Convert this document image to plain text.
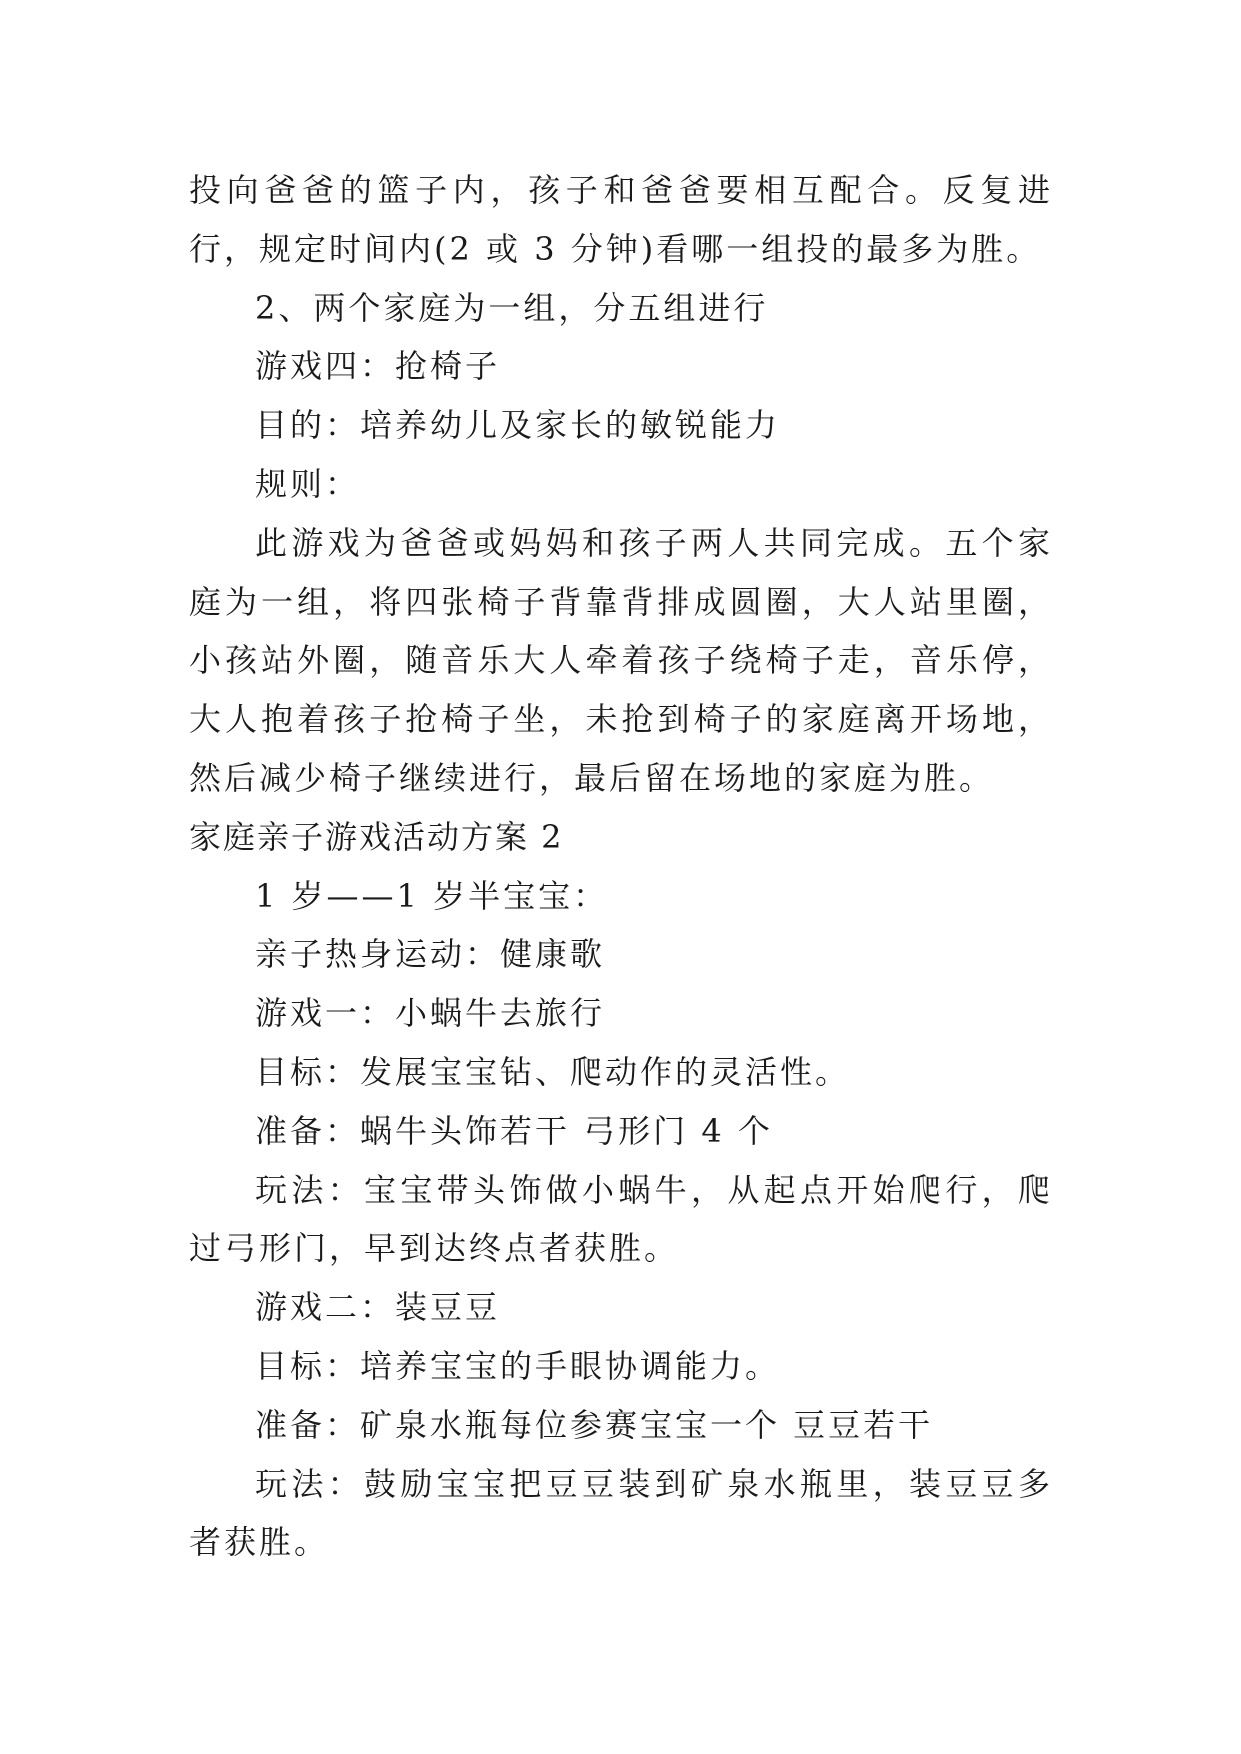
投向爸爸的篮子内，孩子和爸爸要相互配合。反复进行，规定时间内(2 或 3 分钟)看哪一组投的最多为胜。
2、两个家庭为一组，分五组进行
游戏四：抢椅子
目的：培养幼儿及家长的敏锐能力
规则：
此游戏为爸爸或妈妈和孩子两人共同完成。五个家庭为一组，将四张椅子背靠背排成圆圈，大人站里圈，小孩站外圈，随音乐大人牵着孩子绕椅子走，音乐停，大人抱着孩子抢椅子坐，未抢到椅子的家庭离开场地，然后减少椅子继续进行，最后留在场地的家庭为胜。
家庭亲子游戏活动方案 2
1 岁——1 岁半宝宝：
亲子热身运动：健康歌
游戏一：小蜗牛去旅行
目标：发展宝宝钻、爬动作的灵活性。
准备：蜗牛头饰若干 弓形门 4 个
玩法：宝宝带头饰做小蜗牛，从起点开始爬行，爬过弓形门，早到达终点者获胜。
游戏二：装豆豆
目标：培养宝宝的手眼协调能力。
准备：矿泉水瓶每位参赛宝宝一个 豆豆若干
玩法：鼓励宝宝把豆豆装到矿泉水瓶里，装豆豆多者获胜。
